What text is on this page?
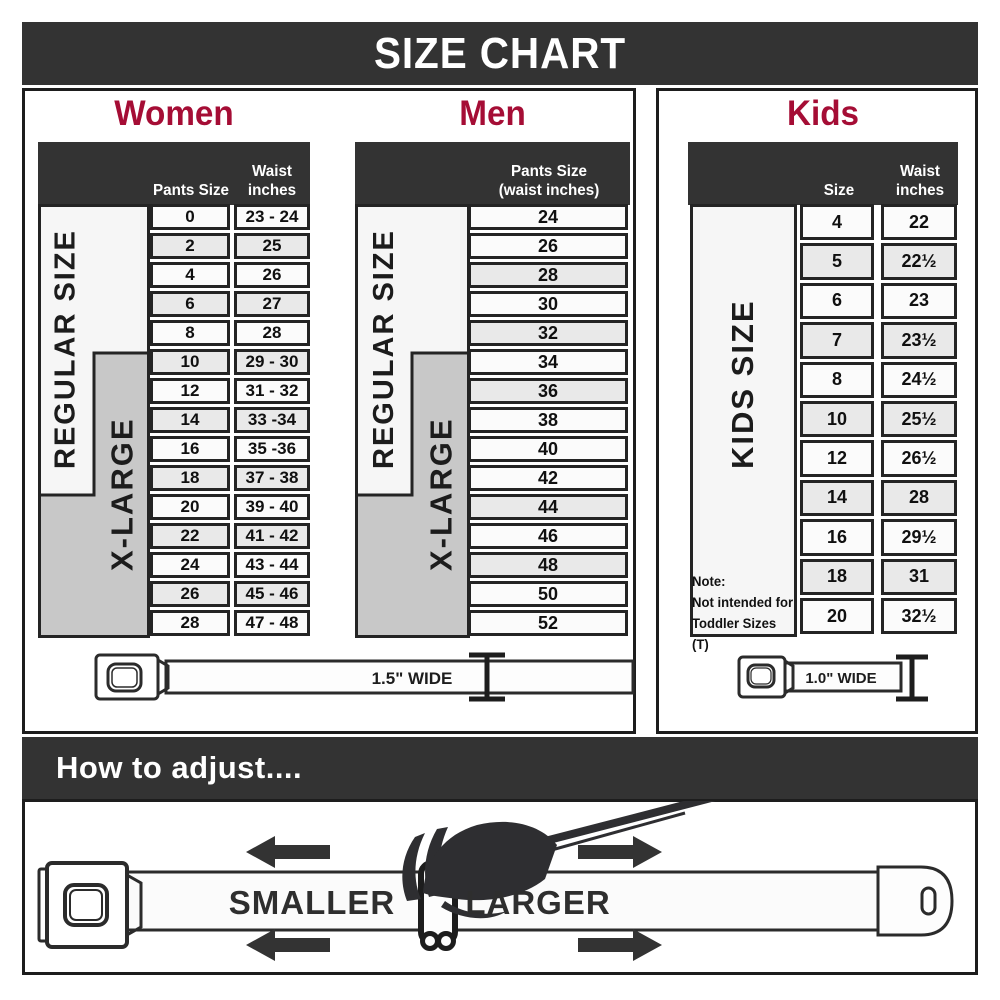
SIZE CHART
Women	Men	Kids
Pants Size
Waist
inches
REGULAR SIZE
X-LARGE
0	23 - 24
2	25
4	26
6	27
8	28
10	29 - 30
12	31 - 32
14	33 -34
16	35 -36
18	37 - 38
20	39 - 40
22	41 - 42
24	43 - 44
26	45 - 46
28	47 - 48
Pants Size
(waist inches)
REGULAR SIZE
X-LARGE
24
26
28
30
32
34
36
38
40
42
44
46
48
50
52
Size
Waist
inches
KIDS SIZE
Note:
Not intended for
Toddler Sizes (T)
4	22
5	22½
6	23
7	23½
8	24½
10	25½
12	26½
14	28
16	29½
18	31
20	32½
1.5" WIDE	1.0" WIDE
How to adjust....
SMALLER LARGER
